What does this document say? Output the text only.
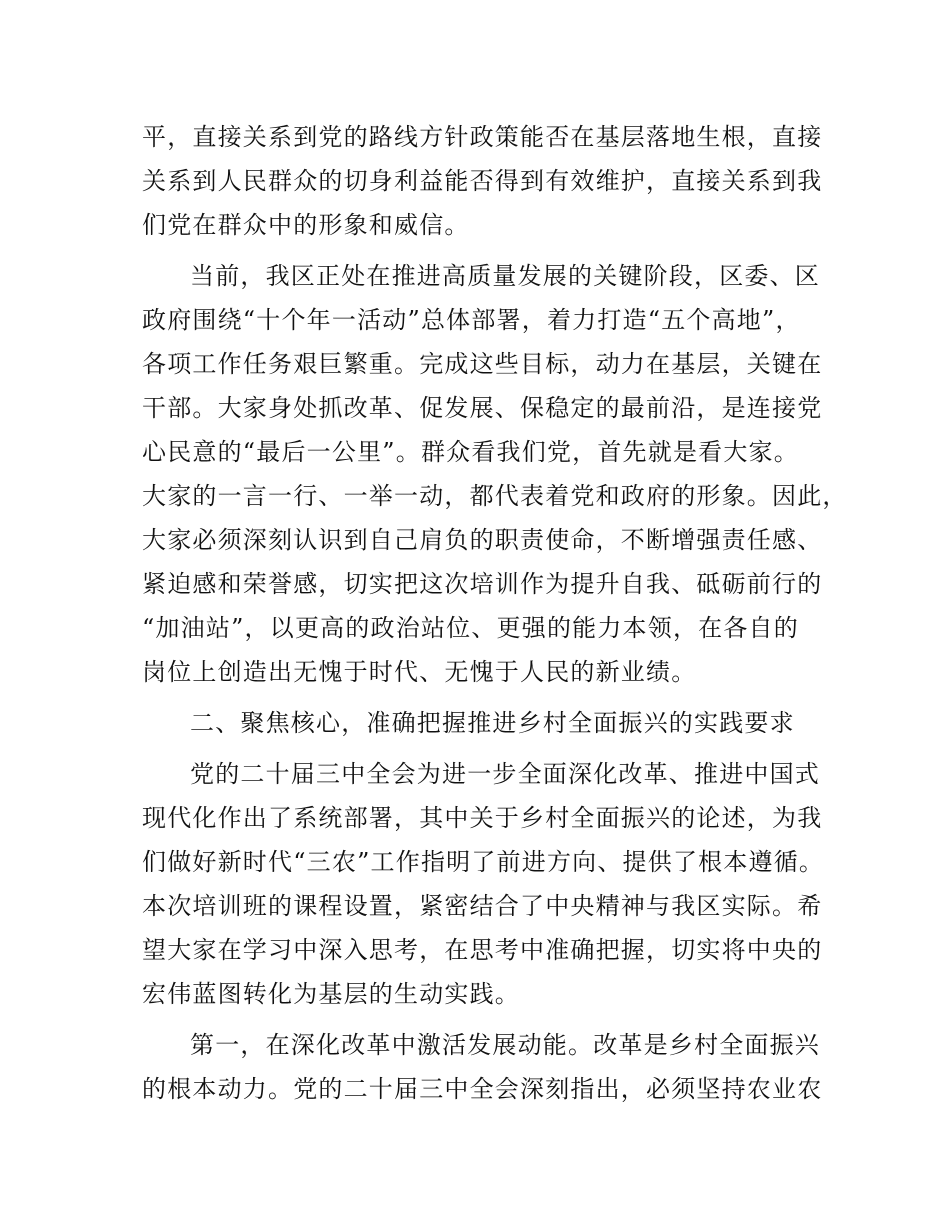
平，直接关系到党的路线方针政策能否在基层落地生根，直接
关系到人民群众的切身利益能否得到有效维护，直接关系到我
们党在群众中的形象和威信。
当前，我区正处在推进高质量发展的关键阶段，区委、区
政府围绕“十个年一活动”总体部署，着力打造“五个高地”，
各项工作任务艰巨繁重。完成这些目标，动力在基层，关键在
干部。大家身处抓改革、促发展、保稳定的最前沿，是连接党
心民意的“最后一公里”。群众看我们党，首先就是看大家。
大家的一言一行、一举一动，都代表着党和政府的形象。因此，
大家必须深刻认识到自己肩负的职责使命，不断增强责任感、
紧迫感和荣誉感，切实把这次培训作为提升自我、砥砺前行的
“加油站”，以更高的政治站位、更强的能力本领，在各自的
岗位上创造出无愧于时代、无愧于人民的新业绩。
二、聚焦核心，准确把握推进乡村全面振兴的实践要求
党的二十届三中全会为进一步全面深化改革、推进中国式
现代化作出了系统部署，其中关于乡村全面振兴的论述，为我
们做好新时代“三农”工作指明了前进方向、提供了根本遵循。
本次培训班的课程设置，紧密结合了中央精神与我区实际。希
望大家在学习中深入思考，在思考中准确把握，切实将中央的
宏伟蓝图转化为基层的生动实践。
第一，在深化改革中激活发展动能。改革是乡村全面振兴
的根本动力。党的二十届三中全会深刻指出，必须坚持农业农
